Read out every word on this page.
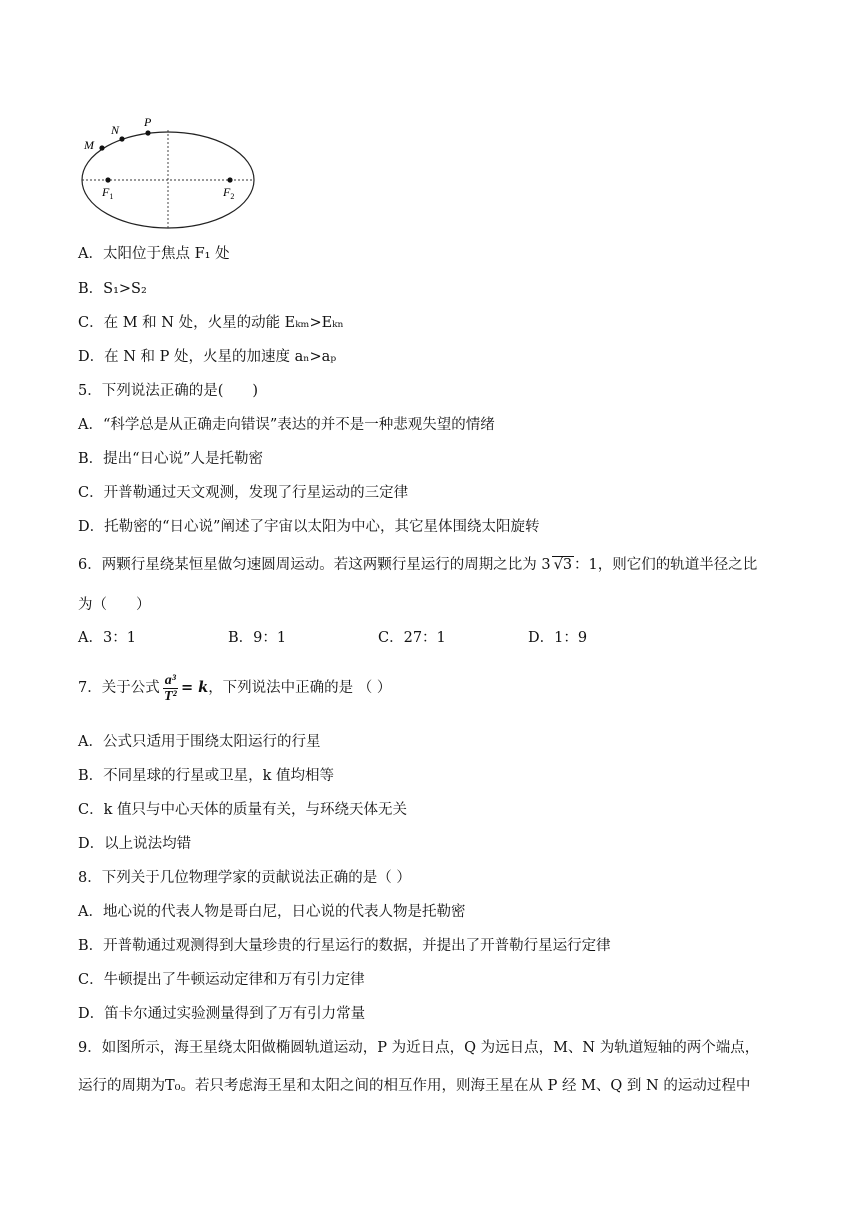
M
N
P
$F_1$	$F_2$
A．太阳位于焦点 F₁ 处
B．S₁>S₂
C．在 M 和 N 处，火星的动能 Eₖₘ>Eₖₙ
D．在 N 和 P 处，火星的加速度 aₙ>aₚ
5．下列说法正确的是(　　)
A．“科学总是从正确走向错误”表达的并不是一种悲观失望的情绪
B．提出“日心说”人是托勒密
C．开普勒通过天文观测，发现了行星运动的三定律
D．托勒密的“日心说”阐述了宇宙以太阳为中心，其它星体围绕太阳旋转
6．两颗行星绕某恒星做匀速圆周运动。若这两颗行星运行的周期之比为 3 √3 ：1，则它们的轨道半径之比
为（　　）
A．3：1	B．9：1	C．27：1	D．1：9
7．关于公式 $\frac{\text{a³}}{\text{T²}} = k$，下列说法中正确的是 （ ）
A．公式只适用于围绕太阳运行的行星
B．不同星球的行星或卫星，k 值均相等
C．k 值只与中心天体的质量有关，与环绕天体无关
D．以上说法均错
8．下列关于几位物理学家的贡献说法正确的是（ ）
A．地心说的代表人物是哥白尼，日心说的代表人物是托勒密
B．开普勒通过观测得到大量珍贵的行星运行的数据，并提出了开普勒行星运行定律
C．牛顿提出了牛顿运动定律和万有引力定律
D．笛卡尔通过实验测量得到了万有引力常量
9．如图所示，海王星绕太阳做椭圆轨道运动，P 为近日点，Q 为远日点，M、N 为轨道短轴的两个端点，
运行的周期为T₀。若只考虑海王星和太阳之间的相互作用，则海王星在从 P 经 M、Q 到 N 的运动过程中
